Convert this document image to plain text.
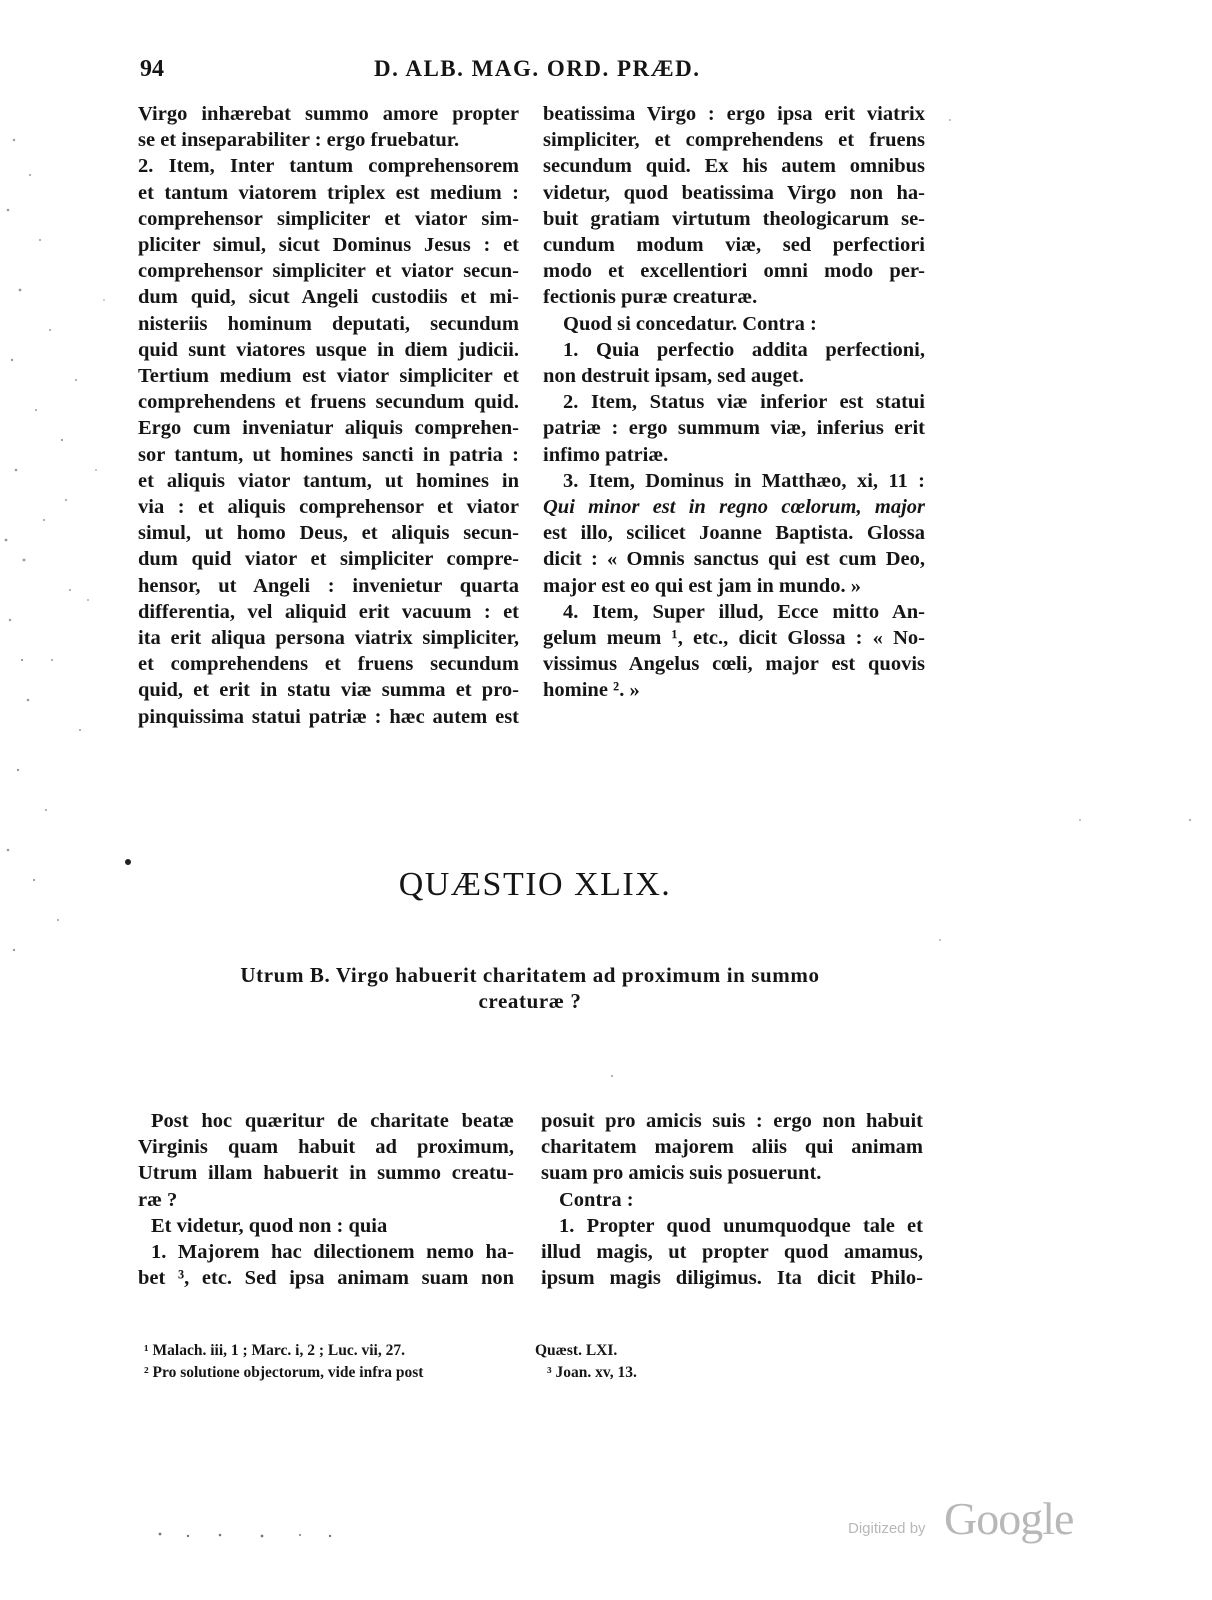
94	D. ALB. MAG. ORD. PRÆD.
Virgo inhærebat summo amore propter
se et inseparabiliter : ergo fruebatur.
2. Item, Inter tantum comprehensorem
et tantum viatorem triplex est medium :
comprehensor simpliciter et viator sim-
pliciter simul, sicut Dominus Jesus : et
comprehensor simpliciter et viator secun-
dum quid, sicut Angeli custodiis et mi-
nisteriis hominum deputati, secundum
quid sunt viatores usque in diem judicii.
Tertium medium est viator simpliciter et
comprehendens et fruens secundum quid.
Ergo cum inveniatur aliquis comprehen-
sor tantum, ut homines sancti in patria :
et aliquis viator tantum, ut homines in
via : et aliquis comprehensor et viator
simul, ut homo Deus, et aliquis secun-
dum quid viator et simpliciter compre-
hensor, ut Angeli : invenietur quarta
differentia, vel aliquid erit vacuum : et
ita erit aliqua persona viatrix simpliciter,
et comprehendens et fruens secundum
quid, et erit in statu viæ summa et pro-
pinquissima statui patriæ : hæc autem est
beatissima Virgo : ergo ipsa erit viatrix
simpliciter, et comprehendens et fruens
secundum quid. Ex his autem omnibus
videtur, quod beatissima Virgo non ha-
buit gratiam virtutum theologicarum se-
cundum modum viæ, sed perfectiori
modo et excellentiori omni modo per-
fectionis puræ creaturæ.
Quod si concedatur. Contra :
1. Quia perfectio addita perfectioni,
non destruit ipsam, sed auget.
2. Item, Status viæ inferior est statui
patriæ : ergo summum viæ, inferius erit
infimo patriæ.
3. Item, Dominus in Matthæo, xi, 11 :
Qui minor est in regno cœlorum, major
est illo, scilicet Joanne Baptista. Glossa
dicit : « Omnis sanctus qui est cum Deo,
major est eo qui est jam in mundo. »
4. Item, Super illud, Ecce mitto An-
gelum meum ¹, etc., dicit Glossa : « No-
vissimus Angelus cœli, major est quovis
homine ². »
QUÆSTIO XLIX.
Utrum B. Virgo habuerit charitatem ad proximum in summo
creaturæ ?
Post hoc quæritur de charitate beatæ
Virginis quam habuit ad proximum,
Utrum illam habuerit in summo creatu-
ræ ?
Et videtur, quod non : quia
1. Majorem hac dilectionem nemo ha-
bet ³, etc. Sed ipsa animam suam non
posuit pro amicis suis : ergo non habuit
charitatem majorem aliis qui animam
suam pro amicis suis posuerunt.
Contra :
1. Propter quod unumquodque tale et
illud magis, ut propter quod amamus,
ipsum magis diligimus. Ita dicit Philo-
¹ Malach. iii, 1 ; Marc. i, 2 ; Luc. vii, 27.
² Pro solutione objectorum, vide infra post
Quæst. LXI.
³ Joan. xv, 13.
Digitized by Google
